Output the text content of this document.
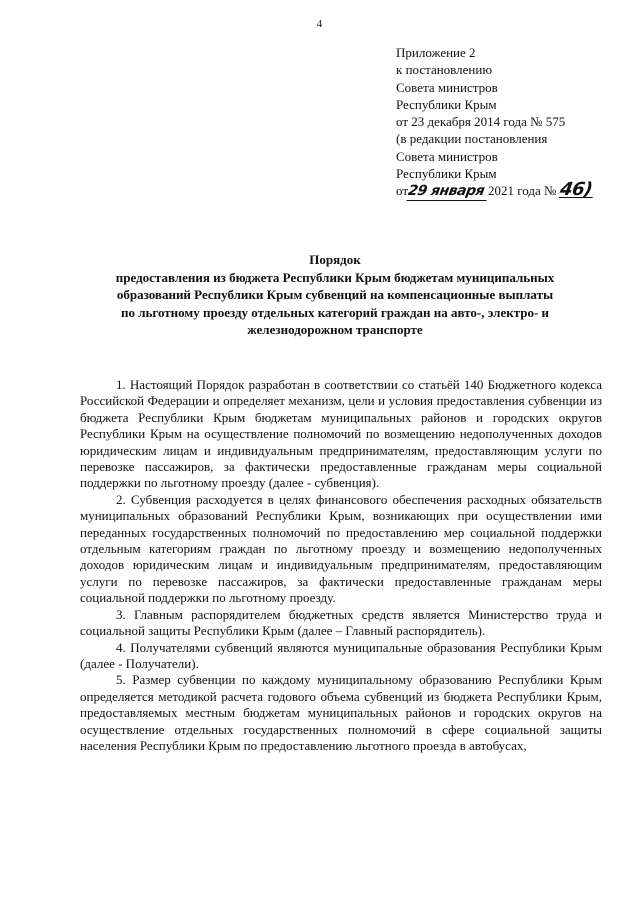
4
Приложение 2
к постановлению
Совета министров
Республики Крым
от 23 декабря 2014 года № 575
(в редакции постановления
Совета министров
Республики Крым
от29 января 2021 года № 46)
Порядок
предоставления из бюджета Республики Крым бюджетам муниципальных
образований Республики Крым субвенций на компенсационные выплаты
по льготному проезду отдельных категорий граждан на авто-, электро- и
железнодорожном транспорте

1. Настоящий Порядок разработан в соответствии со статьёй 140 Бюджетного кодекса Российской Федерации и определяет механизм, цели и условия предоставления субвенции из бюджета Республики Крым бюджетам муниципальных районов и городских округов Республики Крым на осуществление полномочий по возмещению недополученных доходов юридическим лицам и индивидуальным предпринимателям, предоставляющим услуги по перевозке пассажиров, за фактически предоставленные гражданам меры социальной поддержки по льготному проезду (далее - субвенция).

2. Субвенция расходуется в целях финансового обеспечения расходных обязательств муниципальных образований Республики Крым, возникающих при осуществлении ими переданных государственных полномочий по предоставлению мер социальной поддержки отдельным категориям граждан по льготному проезду и возмещению недополученных доходов юридическим лицам и индивидуальным предпринимателям, предоставляющим услуги по перевозке пассажиров, за фактически предоставленные гражданам меры социальной поддержки по льготному проезду.

3. Главным распорядителем бюджетных средств является Министерство труда и социальной защиты Республики Крым (далее – Главный распорядитель).

4. Получателями субвенций являются муниципальные образования Республики Крым (далее - Получатели).

5. Размер субвенции по каждому муниципальному образованию Республики Крым определяется методикой расчета годового объема субвенций из бюджета Республики Крым, предоставляемых местным бюджетам муниципальных районов и городских округов на осуществление отдельных государственных полномочий в сфере социальной защиты населения Республики Крым по предоставлению льготного проезда в автобусах,
